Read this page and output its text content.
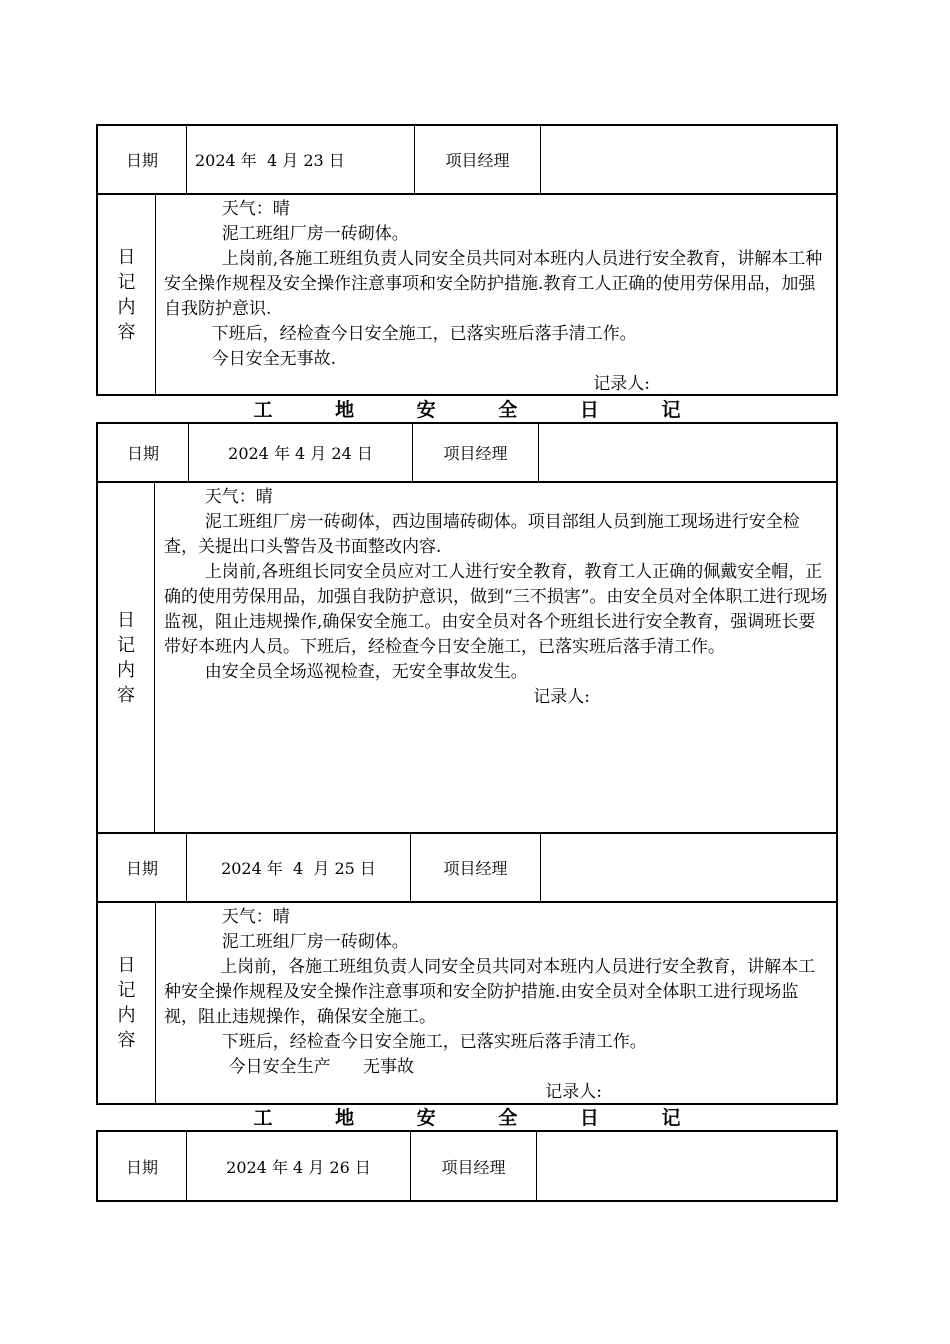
日期	2024 年  4 月 23 日	项目经理
日记内容

天气：晴

泥工班组厂房一砖砌体。

上岗前,各施工班组负责人同安全员共同对本班内人员进行安全教育，讲解本工种安全操作规程及安全操作注意事项和安全防护措施.教育工人正确的使用劳保用品，加强自我防护意识.

下班后，经检查今日安全施工，已落实班后落手清工作。

今日安全无事故.

记录人:

工 地 安 全 日 记
日期	2024 年 4 月 24 日	项目经理
日记内容

天气：晴

泥工班组厂房一砖砌体，西边围墙砖砌体。项目部组人员到施工现场进行安全检查，关提出口头警告及书面整改内容.

上岗前,各班组长同安全员应对工人进行安全教育，教育工人正确的佩戴安全帽，正确的使用劳保用品，加强自我防护意识，做到“三不损害”。由安全员对全体职工进行现场监视，阻止违规操作,确保安全施工。由安全员对各个班组长进行安全教育，强调班长要带好本班内人员。下班后，经检查今日安全施工，已落实班后落手清工作。

由安全员全场巡视检查，无安全事故发生。

记录人:

日期	2024 年  4  月 25 日	项目经理
日记内容

天气：晴

泥工班组厂房一砖砌体。

上岗前，各施工班组负责人同安全员共同对本班内人员进行安全教育，讲解本工种安全操作规程及安全操作注意事项和安全防护措施.由安全员对全体职工进行现场监视，阻止违规操作，确保安全施工。

下班后，经检查今日安全施工，已落实班后落手清工作。

今日安全生产      无事故

记录人:

工 地 安 全 日 记
日期	2024 年 4 月 26 日	项目经理
